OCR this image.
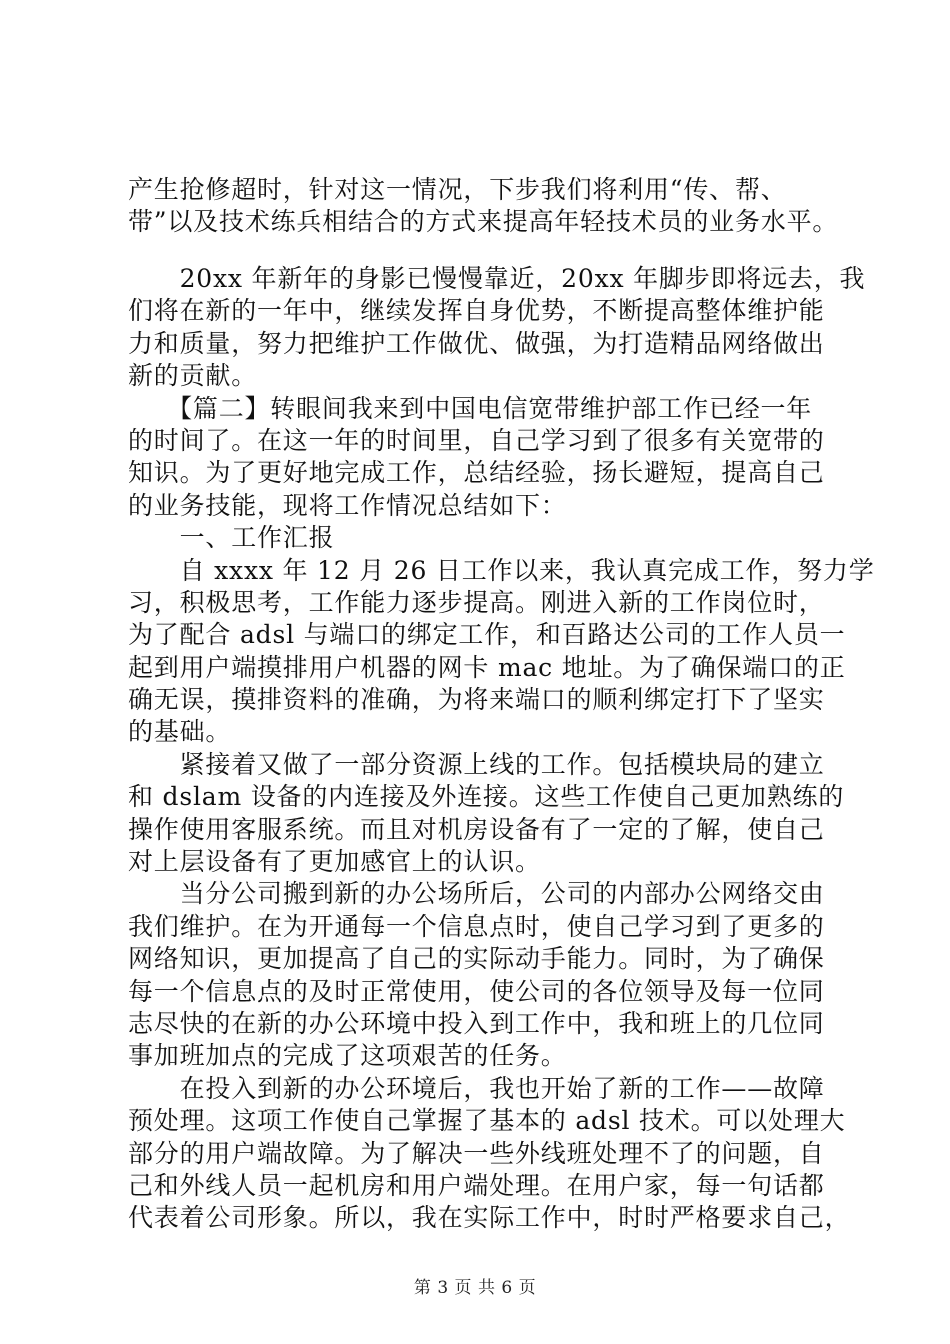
产生抢修超时，针对这一情况，下步我们将利用“传、帮、
带”以及技术练兵相结合的方式来提高年轻技术员的业务水平。
　　20xx 年新年的身影已慢慢靠近，20xx 年脚步即将远去，我
们将在新的一年中，继续发挥自身优势，不断提高整体维护能
力和质量，努力把维护工作做优、做强，为打造精品网络做出
新的贡献。
　　【篇二】转眼间我来到中国电信宽带维护部工作已经一年
的时间了。在这一年的时间里，自己学习到了很多有关宽带的
知识。为了更好地完成工作，总结经验，扬长避短，提高自己
的业务技能，现将工作情况总结如下：
　　一、工作汇报
　　自 xxxx 年 12 月 26 日工作以来，我认真完成工作，努力学
习，积极思考，工作能力逐步提高。刚进入新的工作岗位时，
为了配合 adsl 与端口的绑定工作，和百路达公司的工作人员一
起到用户端摸排用户机器的网卡 mac 地址。为了确保端口的正
确无误，摸排资料的准确，为将来端口的顺利绑定打下了坚实
的基础。
　　紧接着又做了一部分资源上线的工作。包括模块局的建立
和 dslam 设备的内连接及外连接。这些工作使自己更加熟练的
操作使用客服系统。而且对机房设备有了一定的了解，使自己
对上层设备有了更加感官上的认识。
　　当分公司搬到新的办公场所后，公司的内部办公网络交由
我们维护。在为开通每一个信息点时，使自己学习到了更多的
网络知识，更加提高了自己的实际动手能力。同时，为了确保
每一个信息点的及时正常使用，使公司的各位领导及每一位同
志尽快的在新的办公环境中投入到工作中，我和班上的几位同
事加班加点的完成了这项艰苦的任务。
　　在投入到新的办公环境后，我也开始了新的工作——故障
预处理。这项工作使自己掌握了基本的 adsl 技术。可以处理大
部分的用户端故障。为了解决一些外线班处理不了的问题，自
己和外线人员一起机房和用户端处理。在用户家，每一句话都
代表着公司形象。所以，我在实际工作中，时时严格要求自己，
第 3 页 共 6 页
